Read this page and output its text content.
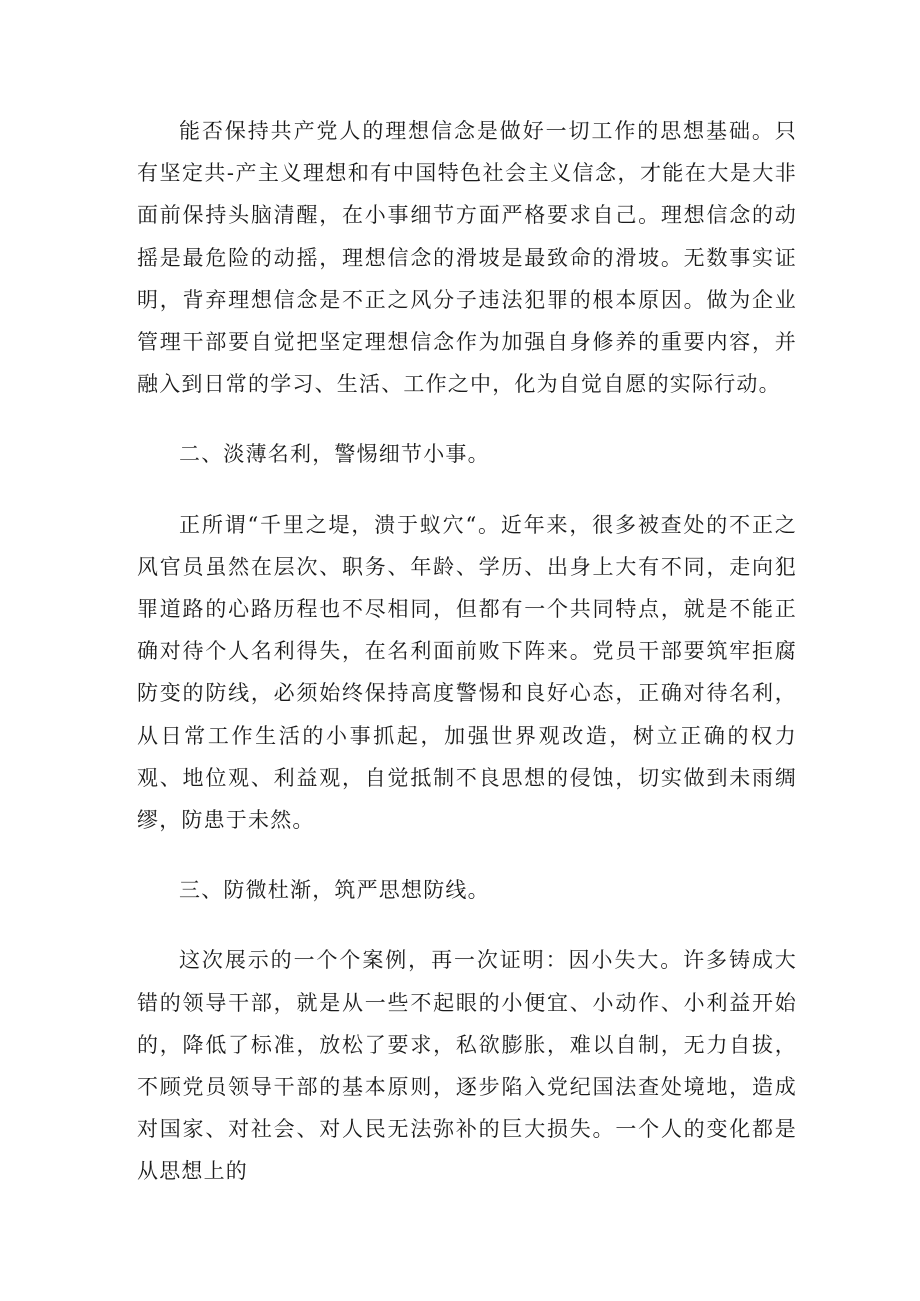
能否保持共产党人的理想信念是做好一切工作的思想基础。只有坚定共-产主义理想和有中国特色社会主义信念，才能在大是大非面前保持头脑清醒，在小事细节方面严格要求自己。理想信念的动摇是最危险的动摇，理想信念的滑坡是最致命的滑坡。无数事实证明，背弃理想信念是不正之风分子违法犯罪的根本原因。做为企业管理干部要自觉把坚定理想信念作为加强自身修养的重要内容，并融入到日常的学习、生活、工作之中，化为自觉自愿的实际行动。

二、淡薄名利，警惕细节小事。

正所谓“千里之堤，溃于蚁穴“。近年来，很多被查处的不正之风官员虽然在层次、职务、年龄、学历、出身上大有不同，走向犯罪道路的心路历程也不尽相同，但都有一个共同特点，就是不能正确对待个人名利得失，在名利面前败下阵来。党员干部要筑牢拒腐防变的防线，必须始终保持高度警惕和良好心态，正确对待名利，从日常工作生活的小事抓起，加强世界观改造，树立正确的权力观、地位观、利益观，自觉抵制不良思想的侵蚀，切实做到未雨绸缪，防患于未然。

三、防微杜渐，筑严思想防线。

这次展示的一个个案例，再一次证明：因小失大。许多铸成大错的领导干部，就是从一些不起眼的小便宜、小动作、小利益开始的，降低了标准，放松了要求，私欲膨胀，难以自制，无力自拔，不顾党员领导干部的基本原则，逐步陷入党纪国法查处境地，造成对国家、对社会、对人民无法弥补的巨大损失。一个人的变化都是从思想上的
